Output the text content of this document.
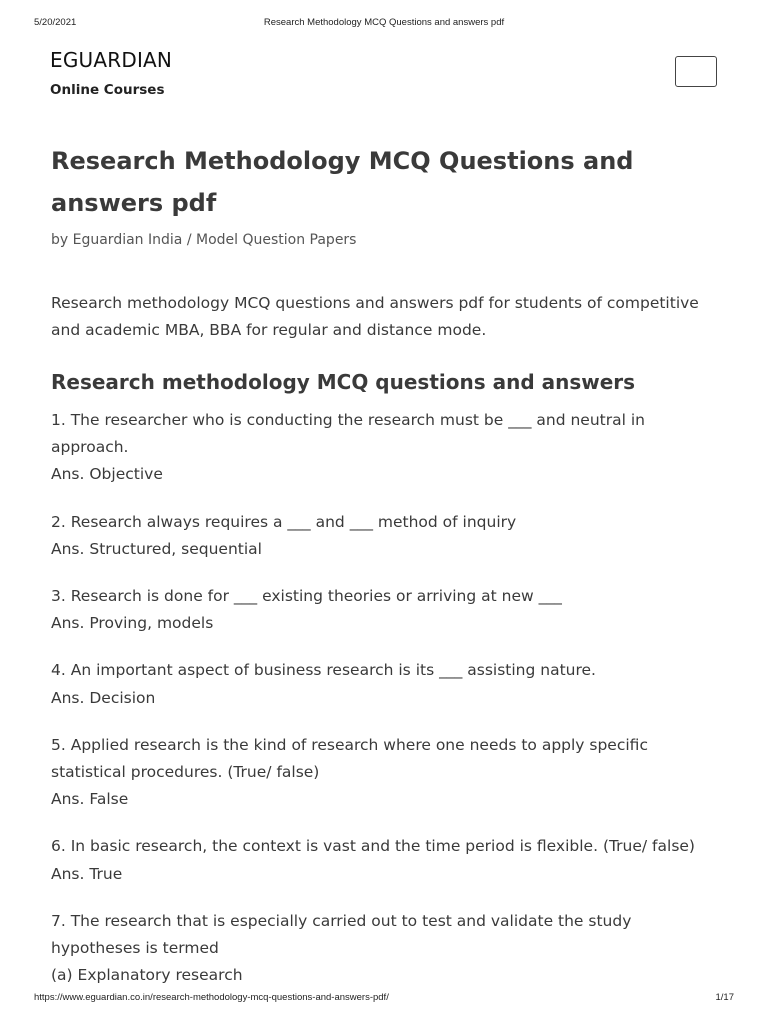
5/20/2021	Research Methodology MCQ Questions and answers pdf
EGUARDIAN
Online Courses
Research Methodology MCQ Questions and answers pdf
by Eguardian India / Model Question Papers

Research methodology MCQ questions and answers pdf for students of competitive and academic MBA, BBA for regular and distance mode.

Research methodology MCQ questions and answers

1. The researcher who is conducting the research must be ___ and neutral in approach.
Ans. Objective

2. Research always requires a ___ and ___ method of inquiry
Ans. Structured, sequential

3. Research is done for ___ existing theories or arriving at new ___
Ans. Proving, models

4. An important aspect of business research is its ___ assisting nature.
Ans. Decision

5. Applied research is the kind of research where one needs to apply specific statistical procedures. (True/ false)
Ans. False

6. In basic research, the context is vast and the time period is flexible. (True/ false)
Ans. True

7. The research that is especially carried out to test and validate the study hypotheses is termed
(a) Explanatory research

https://www.eguardian.co.in/research-methodology-mcq-questions-and-answers-pdf/	1/17
